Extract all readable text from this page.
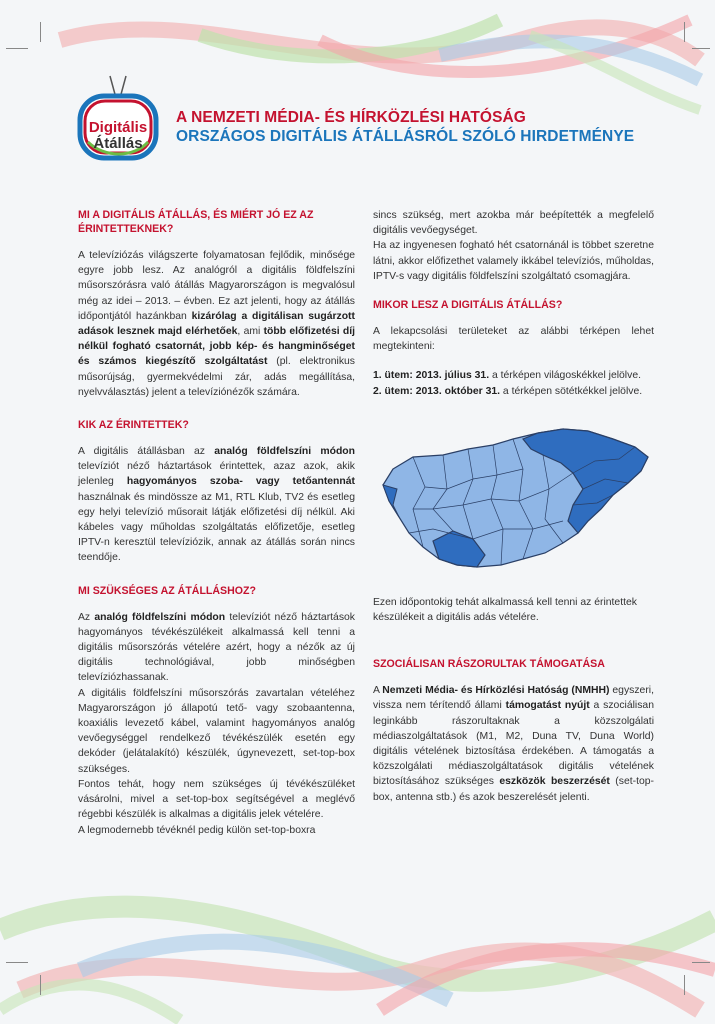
Digitális
Átállás
A NEMZETI MÉDIA- ÉS HÍRKÖZLÉSI HATÓSÁG
ORSZÁGOS DIGITÁLIS ÁTÁLLÁSRÓL SZÓLÓ HIRDETMÉNYE
MI A DIGITÁLIS ÁTÁLLÁS, ÉS MIÉRT JÓ EZ AZ ÉRINTETTEKNEK?

A televíziózás világszerte folyamatosan fejlődik, minősége egyre jobb lesz. Az analógról a digitális földfelszíni műsorszórásra való átállás Magyarországon is megvalósul még az idei – 2013. – évben. Ez azt jelenti, hogy az átállás időpontjától hazánkban kizárólag a digitálisan sugárzott adások lesznek majd elérhetőek, ami több előfizetési díj nélkül fogható csatornát, jobb kép- és hangminőséget és számos kiegészítő szolgáltatást (pl. elektronikus műsorújság, gyermekvédelmi zár, adás megállítása, nyelvválasztás) jelent a televíziónézők számára.

KIK AZ ÉRINTETTEK?

A digitális átállásban az analóg földfelszíni módon televíziót néző háztartások érintettek, azaz azok, akik jelenleg hagyományos szoba- vagy tetőantennát használnak és mindössze az M1, RTL Klub, TV2 és esetleg egy helyi televízió műsorait látják előfizetési díj nélkül. Aki kábeles vagy műholdas szolgáltatás előfizetője, esetleg IPTV-n keresztül televíziózik, annak az átállás során nincs teendője.

MI SZÜKSÉGES AZ ÁTÁLLÁSHOZ?

Az analóg földfelszíni módon televíziót néző háztartások hagyományos tévékészülékeit alkalmassá kell tenni a digitális műsorszórás vételére azért, hogy a nézők az új digitális technológiával, jobb minőségben televíziózhassanak.

A digitális földfelszíni műsorszórás zavartalan vételéhez Magyarországon jó állapotú tető- vagy szobaantenna, koaxiális levezető kábel, valamint hagyományos analóg vevőegységgel rendelkező tévékészülék esetén egy dekóder (jelátalakító) készülék, úgynevezett, set-top-box szükséges.

Fontos tehát, hogy nem szükséges új tévékészüléket vásárolni, mivel a set-top-box segítségével a meglévő régebbi készülék is alkalmas a digitális jelek vételére.

A legmodernebb tévéknél pedig külön set-top-boxra

sincs szükség, mert azokba már beépítették a megfelelő digitális vevőegységet.

Ha az ingyenesen fogható hét csatornánál is többet szeretne látni, akkor előfizethet valamely ikkábel televíziós, műholdas, IPTV-s vagy digitális földfelszíni szolgáltató csomagjára.

MIKOR LESZ A DIGITÁLIS ÁTÁLLÁS?

A lekapcsolási területeket az alábbi térképen lehet megtekinteni:

1. ütem: 2013. július 31. a térképen világoskékkel jelölve.

2. ütem: 2013. október 31. a térképen sötétkékkel jelölve.

Ezen időpontokig tehát alkalmassá kell tenni az érintettek készülékeit a digitális adás vételére.

SZOCIÁLISAN RÁSZORULTAK TÁMOGATÁSA

A Nemzeti Média- és Hírközlési Hatóság (NMHH) egyszeri, vissza nem térítendő állami támogatást nyújt a szociálisan leginkább rászorultaknak a közszolgálati médiaszolgáltatások (M1, M2, Duna TV, Duna World) digitális vételének biztosítása érdekében. A támogatás a közszolgálati médiaszolgáltatások digitális vételének biztosításához szükséges eszközök beszerzését (set-top-box, antenna stb.) és azok beszerelését jelenti.
